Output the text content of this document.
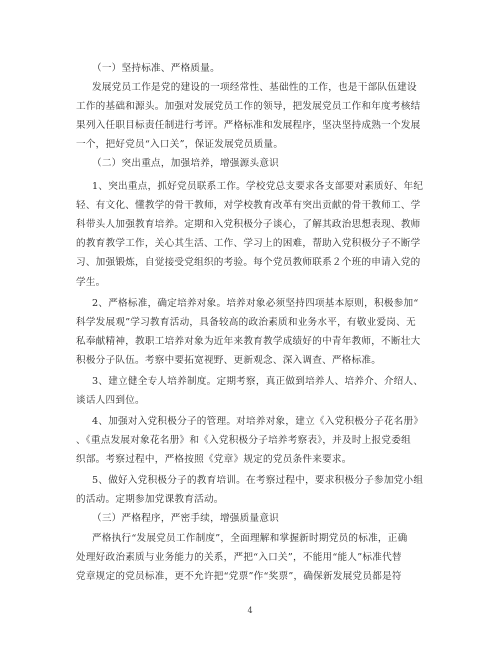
（一）坚持标准、严格质量。
发展党员工作是党的建设的一项经常性、基础性的工作，也是干部队伍建设
工作的基础和源头。加强对发展党员工作的领导，把发展党员工作和年度考核结
果列入任职目标责任制进行考评。严格标准和发展程序，坚决坚持成熟一个发展
一个，把好党员“入口关”，保证发展党员质量。
（二）突出重点，加强培养，增强源头意识
1、突出重点，抓好党员联系工作。学校党总支要求各支部要对素质好、年纪
轻、有文化、懂教学的骨干教师，对学校教育改革有突出贡献的骨干教师工、学
科带头人加强教育培养。定期和入党积极分子谈心，了解其政治思想表现、教师
的教育教学工作，关心其生活、工作、学习上的困难，帮助入党积极分子不断学
习、加强锻炼，自觉接受党组织的考验。每个党员教师联系２个班的申请入党的
学生。
2、严格标准，确定培养对象。培养对象必须坚持四项基本原则，积极参加“
科学发展观”学习教育活动，具备较高的政治素质和业务水平，有敬业爱岗、无
私奉献精神，教职工培养对象为近年来教育教学成绩好的中青年教师，不断壮大
积极分子队伍。考察中要拓宽视野、更新观念、深入调查、严格标准。
3、建立健全专人培养制度。定期考察，真正做到培养人、培养介、介绍人、
谈话人四到位。
4、加强对入党积极分子的管理。对培养对象，建立《入党积极分子花名册》
、《重点发展对象花名册》和《入党积极分子培养考察表》，并及时上报党委组
织部。考察过程中，严格按照《党章》规定的党员条件来要求。
5、做好入党积极分子的教育培训。在考察过程中，要求积极分子参加党小组
的活动。定期参加党课教育活动。
（三）严格程序，严密手续，增强质量意识
严格执行“发展党员工作制度”，全面理解和掌握新时期党员的标准，正确
处理好政治素质与业务能力的关系，严把“入口关”，不能用“能人”标准代替
党章规定的党员标准，更不允许把“党票”作“奖票”，确保新发展党员都是符
4
